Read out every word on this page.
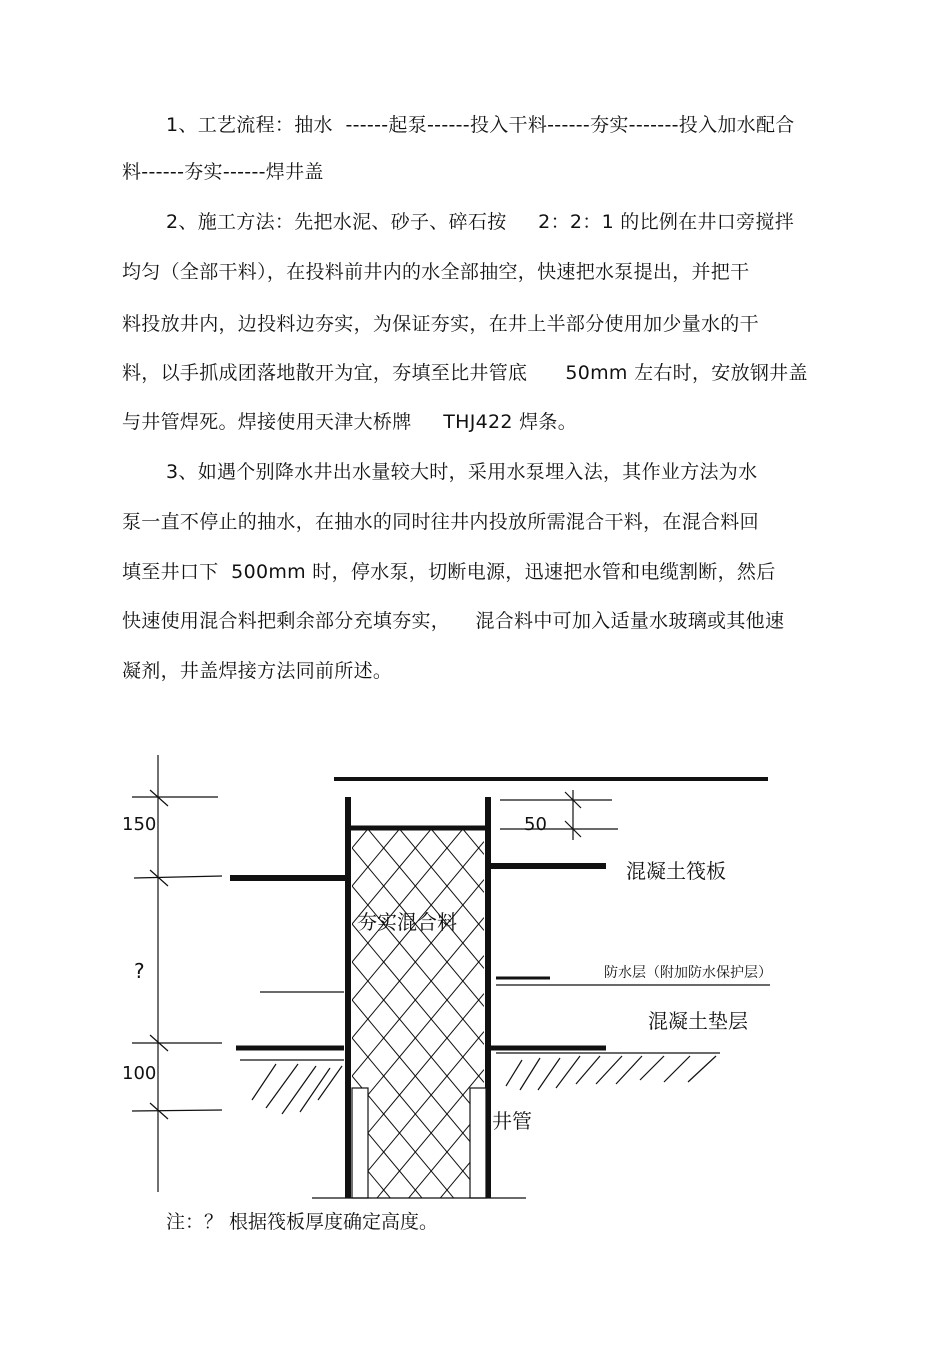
1、工艺流程：抽水  ------起泵------投入干料------夯实-------投入加水配合
料------夯实------焊井盖
2、施工方法：先把水泥、砂子、碎石按     2：2：1 的比例在井口旁搅拌
均匀（全部干料），在投料前井内的水全部抽空，快速把水泵提出，并把干
料投放井内，边投料边夯实，为保证夯实，在井上半部分使用加少量水的干
料，以手抓成团落地散开为宜，夯填至比井管底      50mm 左右时，安放钢井盖
与井管焊死。焊接使用天津大桥牌     THJ422 焊条。
3、如遇个别降水井出水量较大时，采用水泵埋入法，其作业方法为水
泵一直不停止的抽水，在抽水的同时往井内投放所需混合干料，在混合料回
填至井口下  500mm 时，停水泵，切断电源，迅速把水管和电缆割断，然后
快速使用混合料把剩余部分充填夯实，    混合料中可加入适量水玻璃或其他速
凝剂，井盖焊接方法同前所述。
150	50
?
100
混凝土筏板
夯实混合料
防水层（附加防水保护层）
混凝土垫层
井管
注：？ 根据筏板厚度确定高度。
